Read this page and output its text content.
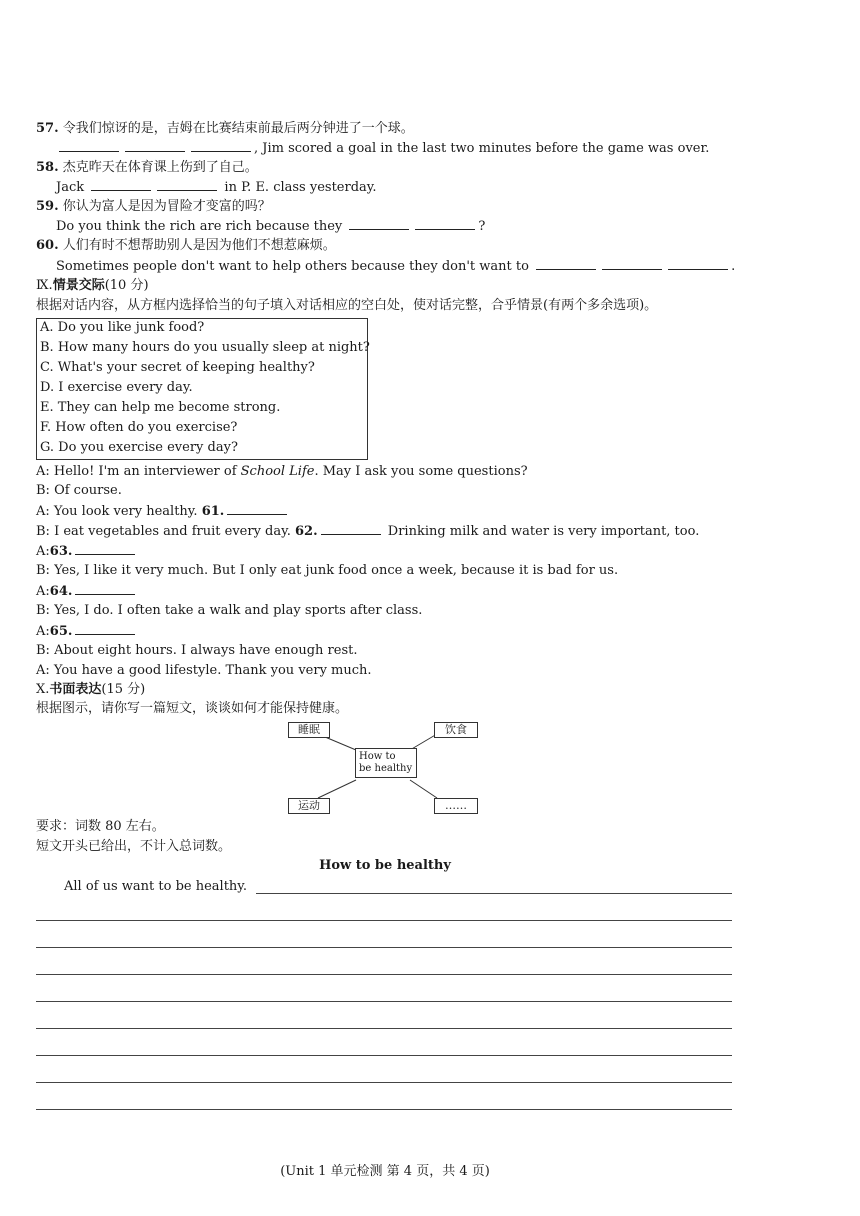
57. 令我们惊讶的是，吉姆在比赛结束前最后两分钟进了一个球。
, Jim scored a goal in the last two minutes before the game was over.
58. 杰克昨天在体育课上伤到了自己。
Jack	in P. E. class yesterday.
59. 你认为富人是因为冒险才变富的吗？
Do you think the rich are rich because they	?
60. 人们有时不想帮助别人是因为他们不想惹麻烦。
Sometimes people don't want to help others because they don't want to	.
Ⅸ.情景交际(10 分)
根据对话内容，从方框内选择恰当的句子填入对话相应的空白处，使对话完整，合乎情景(有两个多余选项)。
A. Do you like junk food?
B. How many hours do you usually sleep at night?
C. What's your secret of keeping healthy?
D. I exercise every day.
E. They can help me become strong.
F. How often do you exercise?
G. Do you exercise every day?
A: Hello! I'm an interviewer of School Life. May I ask you some questions?
B: Of course.
A: You look very healthy. 61.
B: I eat vegetables and fruit every day. 62.	Drinking milk and water is very important, too.
A:63.
B: Yes, I like it very much. But I only eat junk food once a week, because it is bad for us.
A:64.
B: Yes, I do. I often take a walk and play sports after class.
A:65.
B: About eight hours. I always have enough rest.
A: You have a good lifestyle. Thank you very much.
Ⅹ.书面表达(15 分)
根据图示，请你写一篇短文，谈谈如何才能保持健康。
睡眠	饮食
How to
be healthy
运动	……
要求：词数 80 左右。
短文开头已给出，不计入总词数。
How to be healthy
All of us want to be healthy.
(Unit 1 单元检测 第 4 页，共 4 页)
